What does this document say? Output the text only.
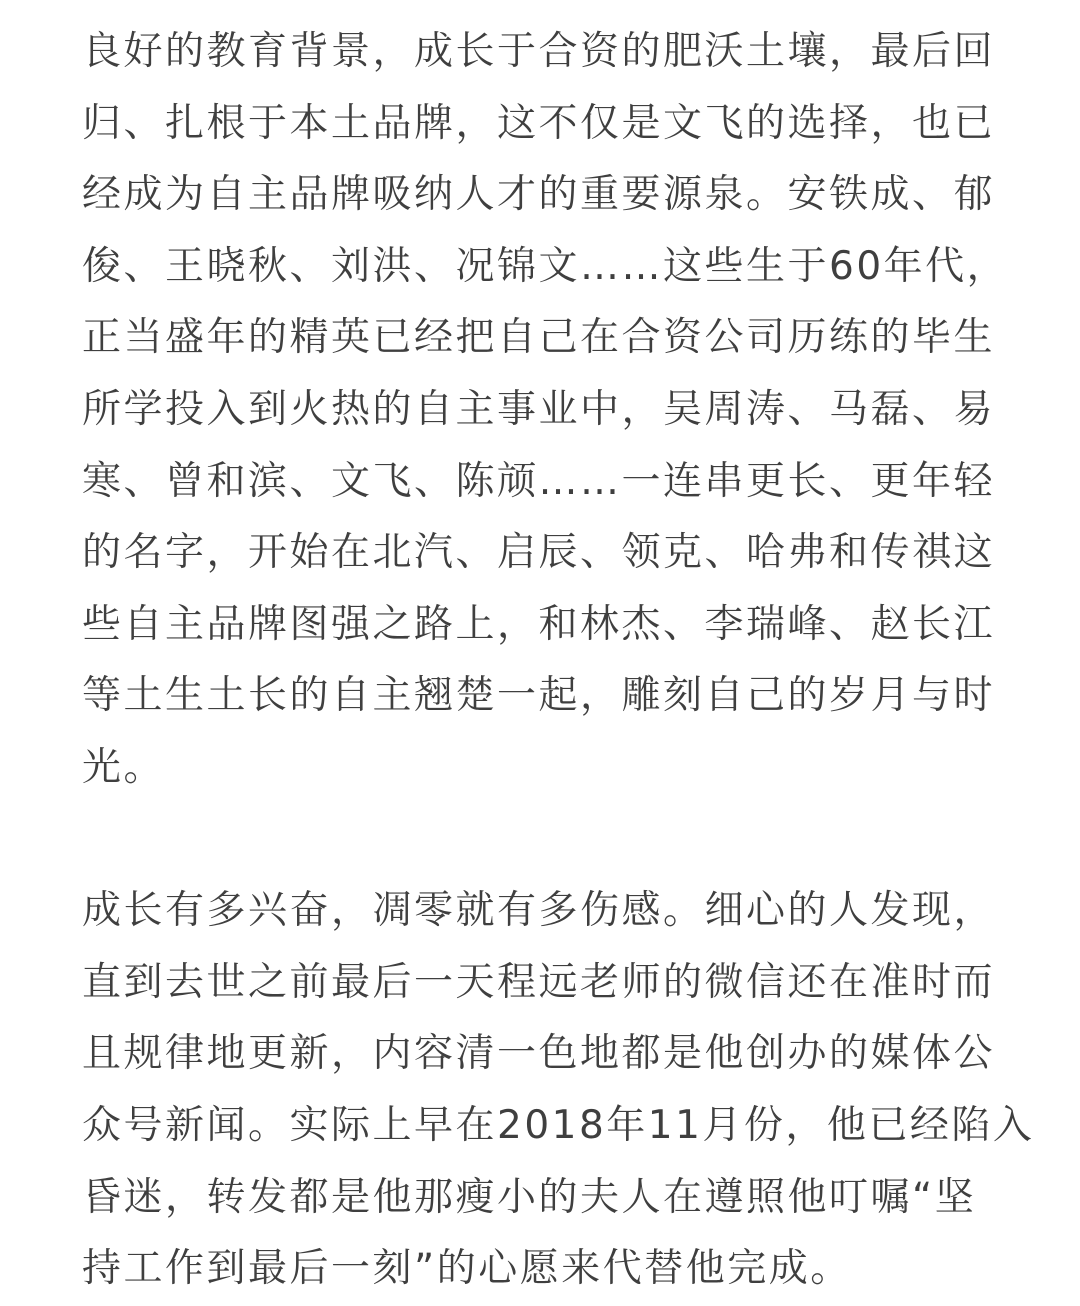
良好的教育背景，成长于合资的肥沃土壤，最后回
归、扎根于本土品牌，这不仅是文飞的选择，也已
经成为自主品牌吸纳人才的重要源泉。安铁成、郁
俊、王晓秋、刘洪、况锦文……这些生于60年代，
正当盛年的精英已经把自己在合资公司历练的毕生
所学投入到火热的自主事业中，吴周涛、马磊、易
寒、曾和滨、文飞、陈颃……一连串更长、更年轻
的名字，开始在北汽、启辰、领克、哈弗和传祺这
些自主品牌图强之路上，和林杰、李瑞峰、赵长江
等土生土长的自主翘楚一起，雕刻自己的岁月与时
光。
成长有多兴奋，凋零就有多伤感。细心的人发现，
直到去世之前最后一天程远老师的微信还在准时而
且规律地更新，内容清一色地都是他创办的媒体公
众号新闻。实际上早在2018年11月份，他已经陷入
昏迷，转发都是他那瘦小的夫人在遵照他叮嘱“坚
持工作到最后一刻”的心愿来代替他完成。
